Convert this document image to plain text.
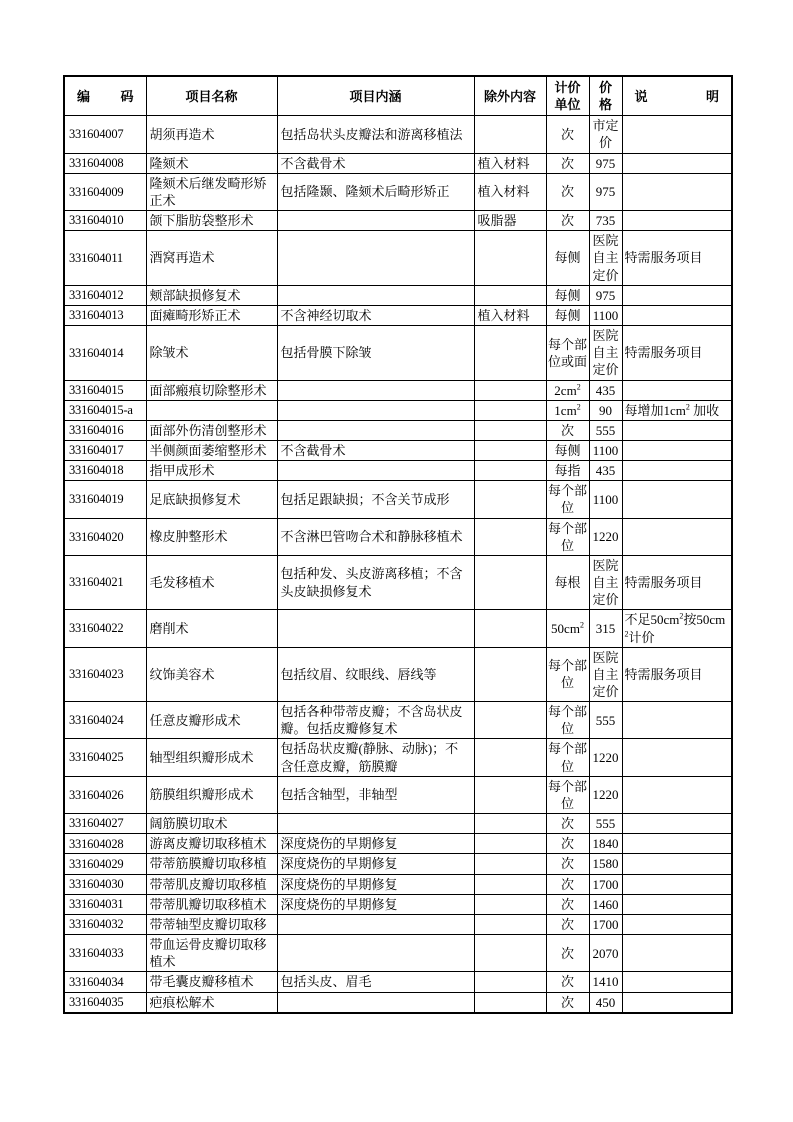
编 码	项目名称	项目内涵	除外内容	计价单位	价格	说 明
331604007	胡须再造术	包括岛状头皮瓣法和游离移植法		次	市定价	
331604008	隆颏术	不含截骨术	植入材料	次	975	
331604009	隆颏术后继发畸形矫正术	包括隆颞、隆颏术后畸形矫正	植入材料	次	975	
331604010	颌下脂肪袋整形术		吸脂器	次	735	
331604011	酒窝再造术			每侧	医院自主定价	特需服务项目
331604012	颊部缺损修复术			每侧	975	
331604013	面瘫畸形矫正术	不含神经切取术	植入材料	每侧	1100	
331604014	除皱术	包括骨膜下除皱		每个部位或面	医院自主定价	特需服务项目
331604015	面部瘢痕切除整形术			$2cm^2$	435	
331604015-a				$1cm^2$	90	每增加$1cm^2$ 加收
331604016	面部外伤清创整形术			次	555	
331604017	半侧颜面萎缩整形术	不含截骨术		每侧	1100	
331604018	指甲成形术			每指	435	
331604019	足底缺损修复术	包括足跟缺损；不含关节成形		每个部位	1100	
331604020	橡皮肿整形术	不含淋巴管吻合术和静脉移植术		每个部位	1220	
331604021	毛发移植术	包括种发、头皮游离移植；不含头皮缺损修复术		每根	医院自主定价	特需服务项目
331604022	磨削术			$50cm^2$	315	不足$50cm^2$按$50cm^2$计价
331604023	纹饰美容术	包括纹眉、纹眼线、唇线等		每个部位	医院自主定价	特需服务项目
331604024	任意皮瓣形成术	包括各种带蒂皮瓣；不含岛状皮瓣。包括皮瓣修复术		每个部位	555	
331604025	轴型组织瓣形成术	包括岛状皮瓣(静脉、动脉)；不含任意皮瓣，筋膜瓣		每个部位	1220	
331604026	筋膜组织瓣形成术	包括含轴型，非轴型		每个部位	1220	
331604027	阔筋膜切取术			次	555	
331604028	游离皮瓣切取移植术	深度烧伤的早期修复		次	1840	
331604029	带蒂筋膜瓣切取移植	深度烧伤的早期修复		次	1580	
331604030	带蒂肌皮瓣切取移植	深度烧伤的早期修复		次	1700	
331604031	带蒂肌瓣切取移植术	深度烧伤的早期修复		次	1460	
331604032	带蒂轴型皮瓣切取移			次	1700	
331604033	带血运骨皮瓣切取移植术			次	2070	
331604034	带毛囊皮瓣移植术	包括头皮、眉毛		次	1410	
331604035	疤痕松解术			次	450	
